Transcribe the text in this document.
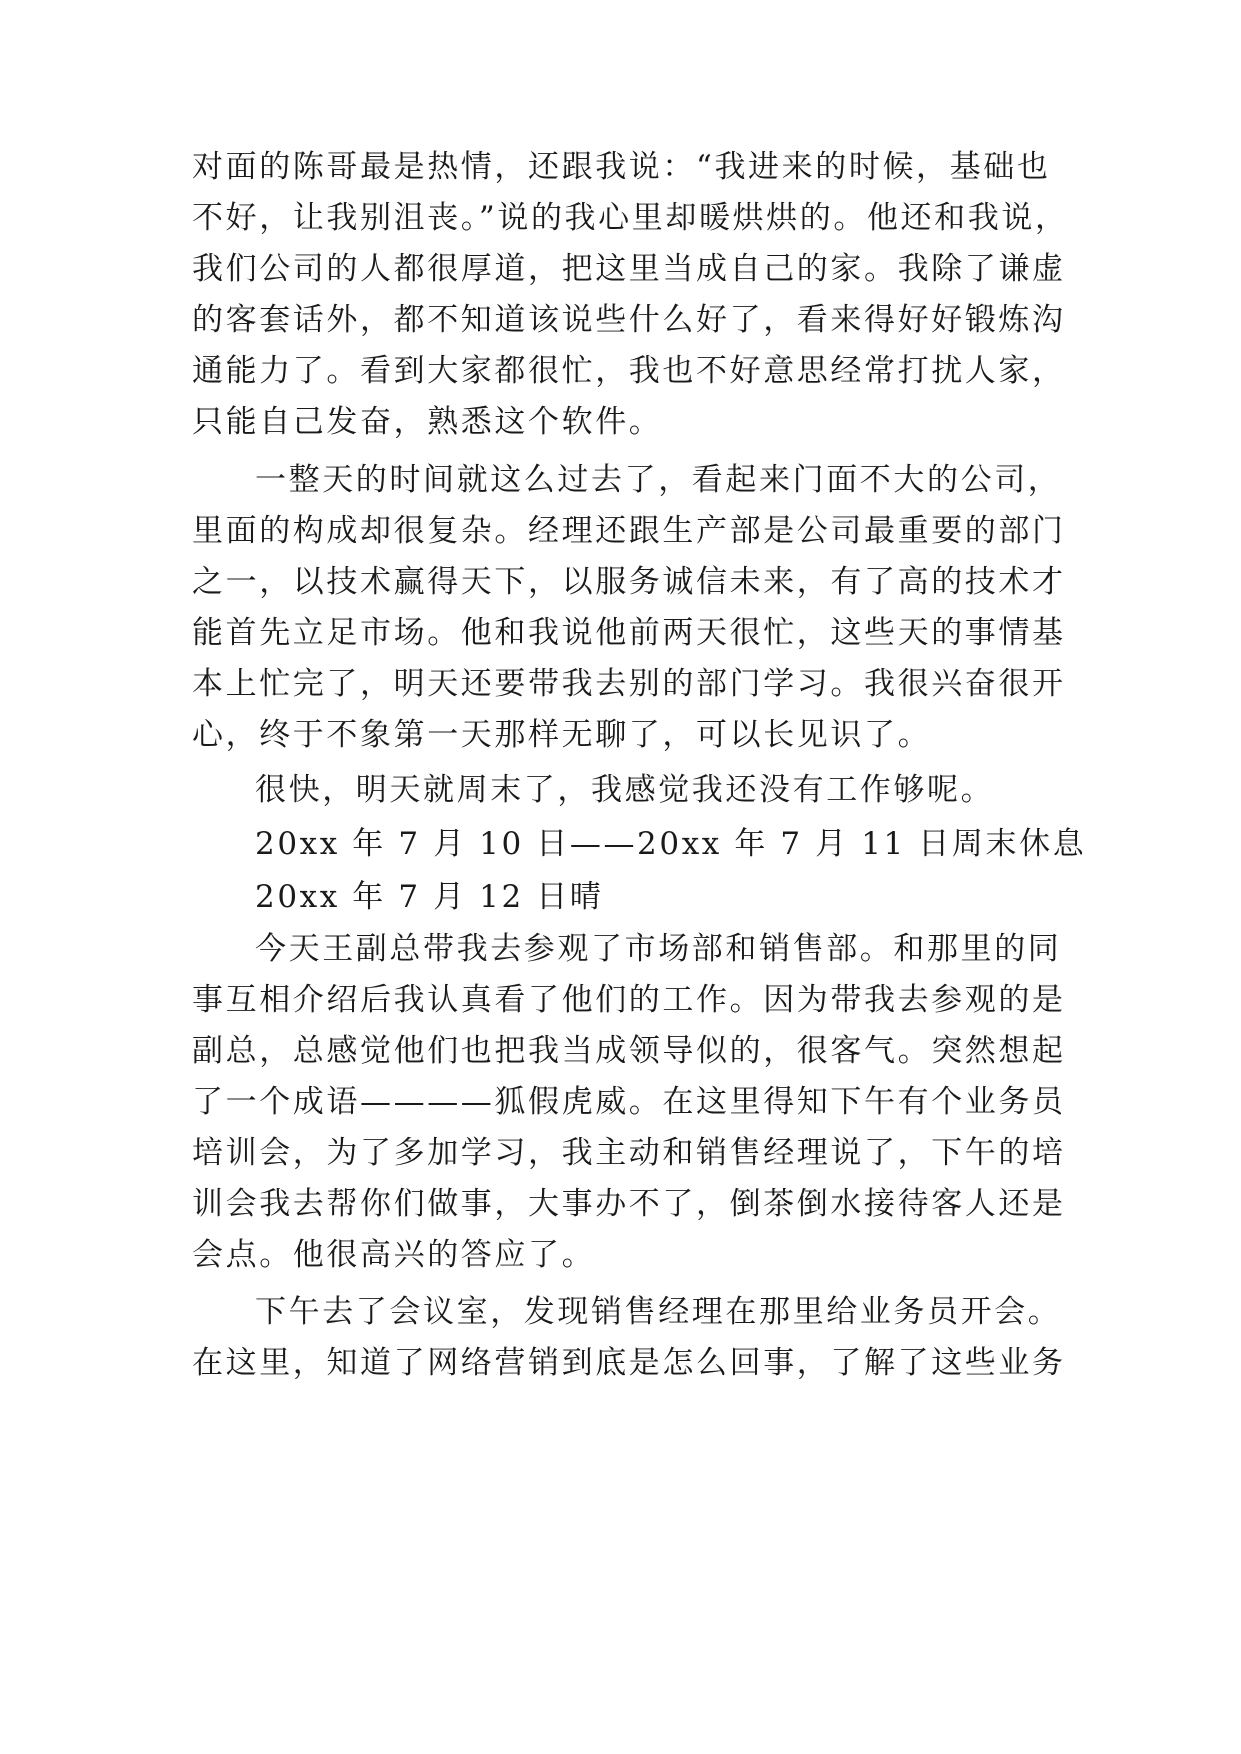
对面的陈哥最是热情，还跟我说：“我进来的时候，基础也
不好，让我别沮丧。”说的我心里却暖烘烘的。他还和我说，
我们公司的人都很厚道，把这里当成自己的家。我除了谦虚
的客套话外，都不知道该说些什么好了，看来得好好锻炼沟
通能力了。看到大家都很忙，我也不好意思经常打扰人家，
只能自己发奋，熟悉这个软件。
一整天的时间就这么过去了，看起来门面不大的公司，
里面的构成却很复杂。经理还跟生产部是公司最重要的部门
之一，以技术赢得天下，以服务诚信未来，有了高的技术才
能首先立足市场。他和我说他前两天很忙，这些天的事情基
本上忙完了，明天还要带我去别的部门学习。我很兴奋很开
心，终于不象第一天那样无聊了，可以长见识了。
很快，明天就周末了，我感觉我还没有工作够呢。
20xx 年 7 月 10 日——20xx 年 7 月 11 日周末休息
20xx 年 7 月 12 日晴
今天王副总带我去参观了市场部和销售部。和那里的同
事互相介绍后我认真看了他们的工作。因为带我去参观的是
副总，总感觉他们也把我当成领导似的，很客气。突然想起
了一个成语————狐假虎威。在这里得知下午有个业务员
培训会，为了多加学习，我主动和销售经理说了，下午的培
训会我去帮你们做事，大事办不了，倒茶倒水接待客人还是
会点。他很高兴的答应了。
下午去了会议室，发现销售经理在那里给业务员开会。
在这里，知道了网络营销到底是怎么回事，了解了这些业务
